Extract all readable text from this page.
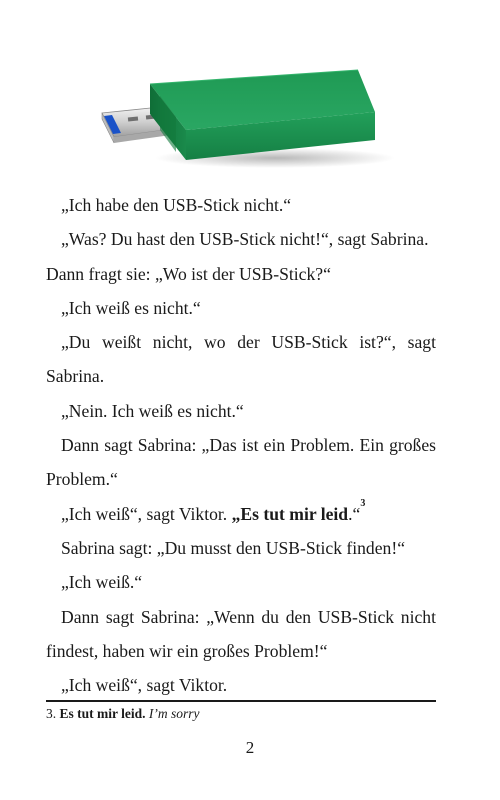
„Ich habe den USB-Stick nicht.“

„Was? Du hast den USB-Stick nicht!“, sagt Sabrina.

Dann fragt sie: „Wo ist der USB-Stick?“

„Ich weiß es nicht.“

„Du weißt nicht, wo der USB-Stick ist?“, sagt Sabrina.

„Nein. Ich weiß es nicht.“

Dann sagt Sabrina: „Das ist ein Problem. Ein großes Problem.“

„Ich weiß“, sagt Viktor. „Es tut mir leid.“$^3$

Sabrina sagt: „Du musst den USB-Stick finden!“

„Ich weiß.“

Dann sagt Sabrina: „Wenn du den USB-Stick nicht findest, haben wir ein großes Problem!“

„Ich weiß“, sagt Viktor.

3. Es tut mir leid. I’m sorry
2
